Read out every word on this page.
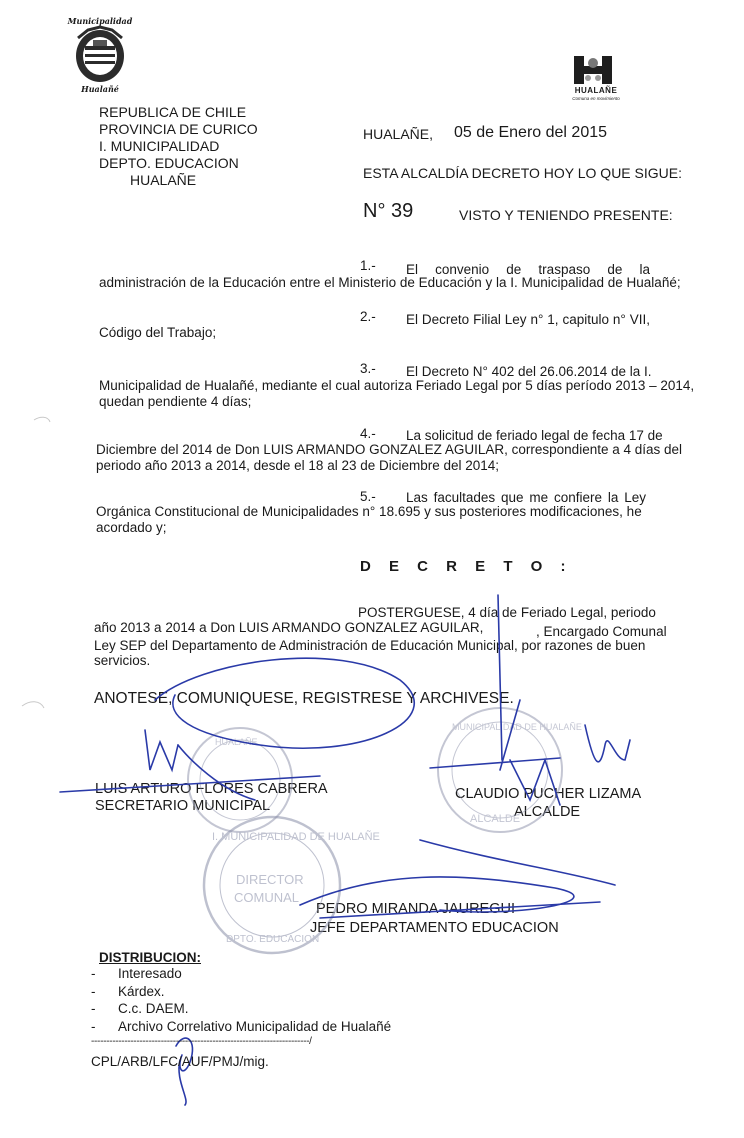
Municipalidad
Hualañé	HUALAÑE
Comuna en movimiento
REPUBLICA DE CHILE
PROVINCIA DE CURICO
I. MUNICIPALIDAD
DEPTO. EDUCACION
HUALAÑE
HUALAÑE, 05 de Enero del 2015
ESTA ALCALDÍA DECRETO HOY LO QUE SIGUE:
N° 39	VISTO Y TENIENDO PRESENTE:
1.- El convenio de traspaso de la
administración de la Educación entre el Ministerio de Educación y la I. Municipalidad de Hualañé;
2.- El Decreto Filial Ley n° 1, capitulo n° VII,
Código del Trabajo;
3.- El Decreto N° 402 del 26.06.2014 de la I.
Municipalidad de Hualañé, mediante el cual autoriza Feriado Legal por 5 días período 2013 – 2014,
quedan pendiente 4 días;
4.- La solicitud de feriado legal de fecha 17 de
Diciembre del 2014 de Don LUIS ARMANDO GONZALEZ AGUILAR, correspondiente a 4 días del
periodo año 2013 a 2014, desde el 18 al 23 de Diciembre del 2014;
5.- Las facultades que me confiere la Ley
Orgánica Constitucional de Municipalidades n° 18.695 y sus posteriores modificaciones, he
acordado y;
D E C R E T O :
POSTERGUESE, 4 día de Feriado Legal, periodo
año 2013 a 2014 a Don LUIS ARMANDO GONZALEZ AGUILAR,	, Encargado Comunal
Ley SEP del Departamento de Administración de Educación Municipal, por razones de buen
servicios.
ANOTESE, COMUNIQUESE, REGISTRESE Y ARCHIVESE.
LUIS ARTURO FLORES CABRERA
SECRETARIO MUNICIPAL
CLAUDIO PUCHER LIZAMA
ALCALDE
PEDRO MIRANDA JAUREGUI
JEFE DEPARTAMENTO EDUCACION
HUALAÑE
MUNICIPALIDAD DE HUALAÑE
ALCALDE
I. MUNICIPALIDAD DE HUALAÑE
DIRECTOR
COMUNAL
DPTO. EDUCACION
DISTRIBUCION:
- Interesado
- Kárdex.
- C.c. DAEM.
- Archivo Correlativo Municipalidad de Hualañé
------------------------------------------------------------------------/
CPL/ARB/LFC/AUF/PMJ/mig.
